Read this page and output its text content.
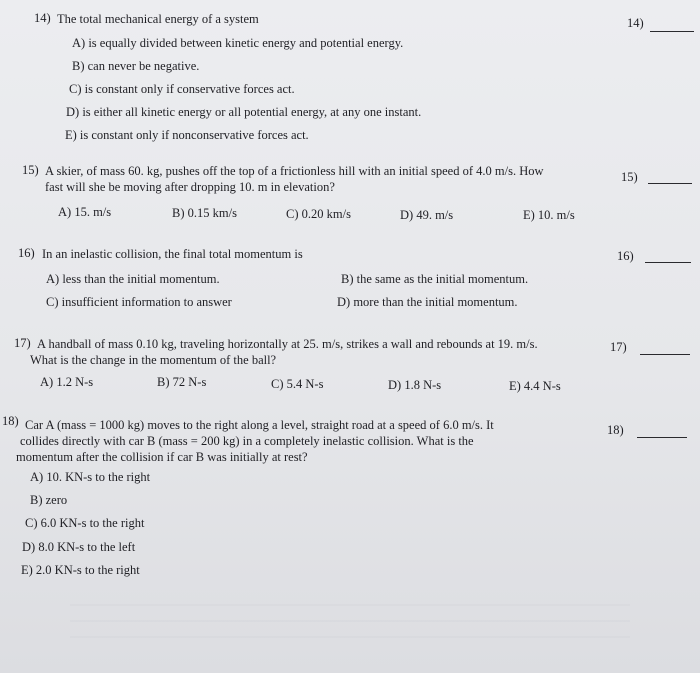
14) The total mechanical energy of a system	14)
A) is equally divided between kinetic energy and potential energy.
B) can never be negative.
C) is constant only if conservative forces act.
D) is either all kinetic energy or all potential energy, at any one instant.
E) is constant only if nonconservative forces act.
15) A skier, of mass 60. kg, pushes off the top of a frictionless hill with an initial speed of 4.0 m/s. How
fast will she be moving after dropping 10. m in elevation?
15)
A) 15. m/s	B) 0.15 km/s	C) 0.20 km/s	D) 49. m/s	E) 10. m/s
16) In an inelastic collision, the final total momentum is	16)
A) less than the initial momentum.	B) the same as the initial momentum.
C) insufficient information to answer	D) more than the initial momentum.
17) A handball of mass 0.10 kg, traveling horizontally at 25. m/s, strikes a wall and rebounds at 19. m/s.
What is the change in the momentum of the ball?
17)
A) 1.2 N-s	B) 72 N-s	C) 5.4 N-s	D) 1.8 N-s	E) 4.4 N-s
18) Car A (mass = 1000 kg) moves to the right along a level, straight road at a speed of 6.0 m/s. It
collides directly with car B (mass = 200 kg) in a completely inelastic collision. What is the
momentum after the collision if car B was initially at rest?
18)
A) 10. KN-s to the right
B) zero
C) 6.0 KN-s to the right
D) 8.0 KN-s to the left
E) 2.0 KN-s to the right
